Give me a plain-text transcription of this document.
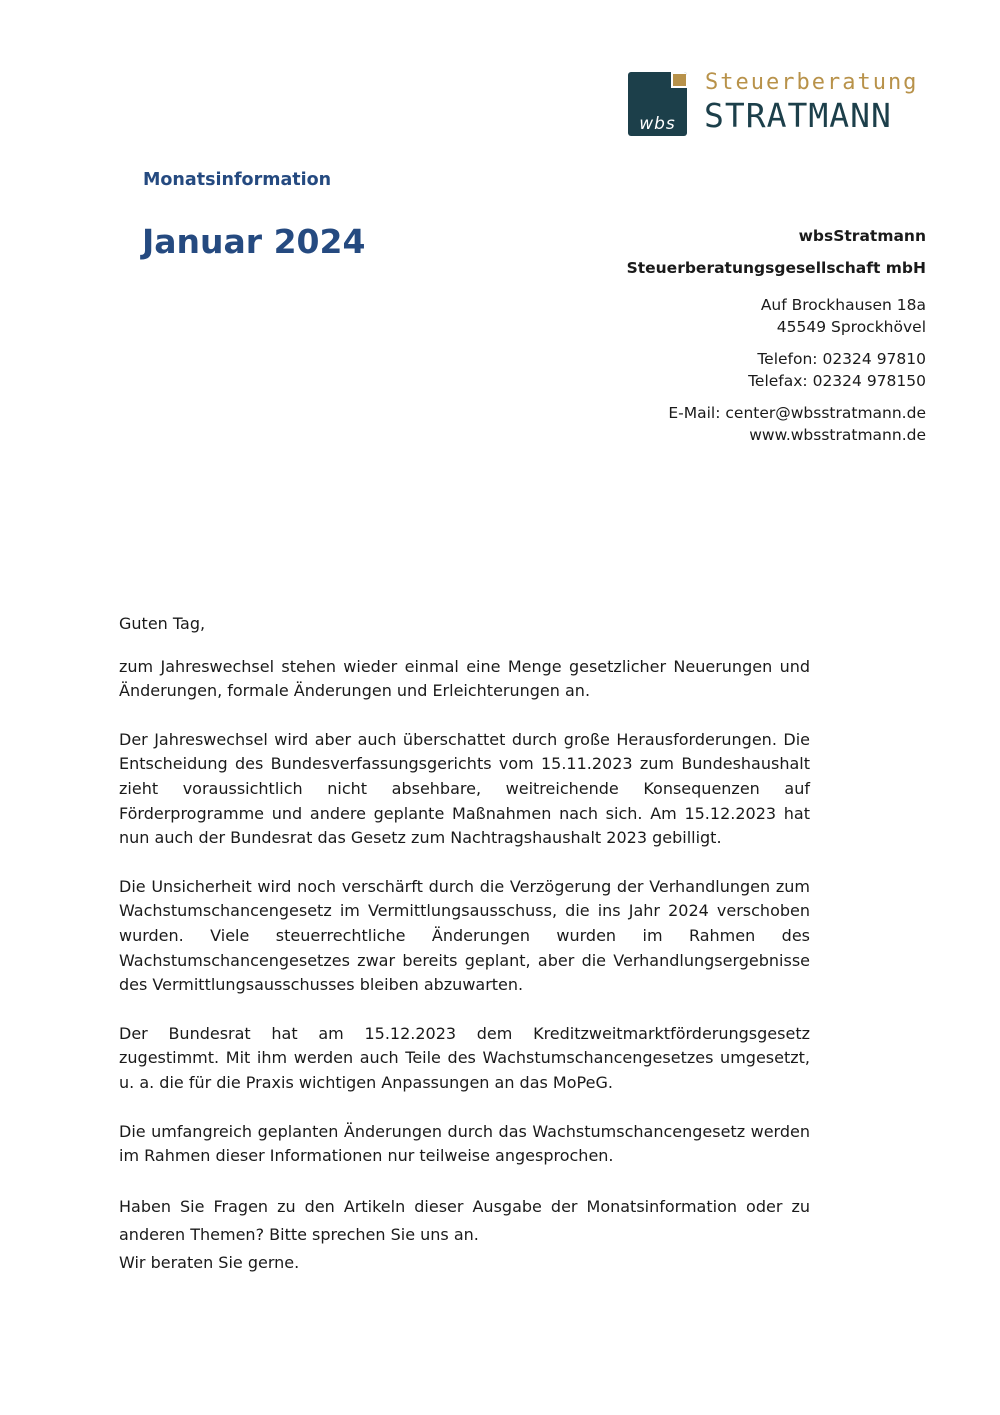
wbs
Steuerberatung
STRATMANN
Monatsinformation
Januar 2024	wbsStratmann
Steuerberatungsgesellschaft mbH
Auf Brockhausen 18a
45549 Sprockhövel
Telefon: 02324 97810
Telefax: 02324 978150
E-Mail: center@wbsstratmann.de
www.wbsstratmann.de

Guten Tag,

zum Jahreswechsel stehen wieder einmal eine Menge gesetzlicher Neuerungen und Änderungen, formale Änderungen und Erleichterungen an.

Der Jahreswechsel wird aber auch überschattet durch große Herausforderungen. Die Entscheidung des Bundesverfassungsgerichts vom 15.11.2023 zum Bundeshaushalt zieht voraussichtlich nicht absehbare, weitreichende Konsequenzen auf Förderprogramme und andere geplante Maßnahmen nach sich. Am 15.12.2023 hat nun auch der Bundesrat das Gesetz zum Nachtragshaushalt 2023 gebilligt.

Die Unsicherheit wird noch verschärft durch die Verzögerung der Verhandlungen zum Wachstumschancengesetz im Vermittlungsausschuss, die ins Jahr 2024 verschoben wurden. Viele steuerrechtliche Änderungen wurden im Rahmen des Wachstumschancengesetzes zwar bereits geplant, aber die Verhandlungsergebnisse des Vermittlungsausschusses bleiben abzuwarten.

Der Bundesrat hat am 15.12.2023 dem Kreditzweitmarktförderungsgesetz zugestimmt. Mit ihm werden auch Teile des Wachstumschancengesetzes umgesetzt, u. a. die für die Praxis wichtigen Anpassungen an das MoPeG.

Die umfangreich geplanten Änderungen durch das Wachstumschancengesetz werden im Rahmen dieser Informationen nur teilweise angesprochen.

Haben Sie Fragen zu den Artikeln dieser Ausgabe der Monatsinformation oder zu anderen Themen? Bitte sprechen Sie uns an.

Wir beraten Sie gerne.
